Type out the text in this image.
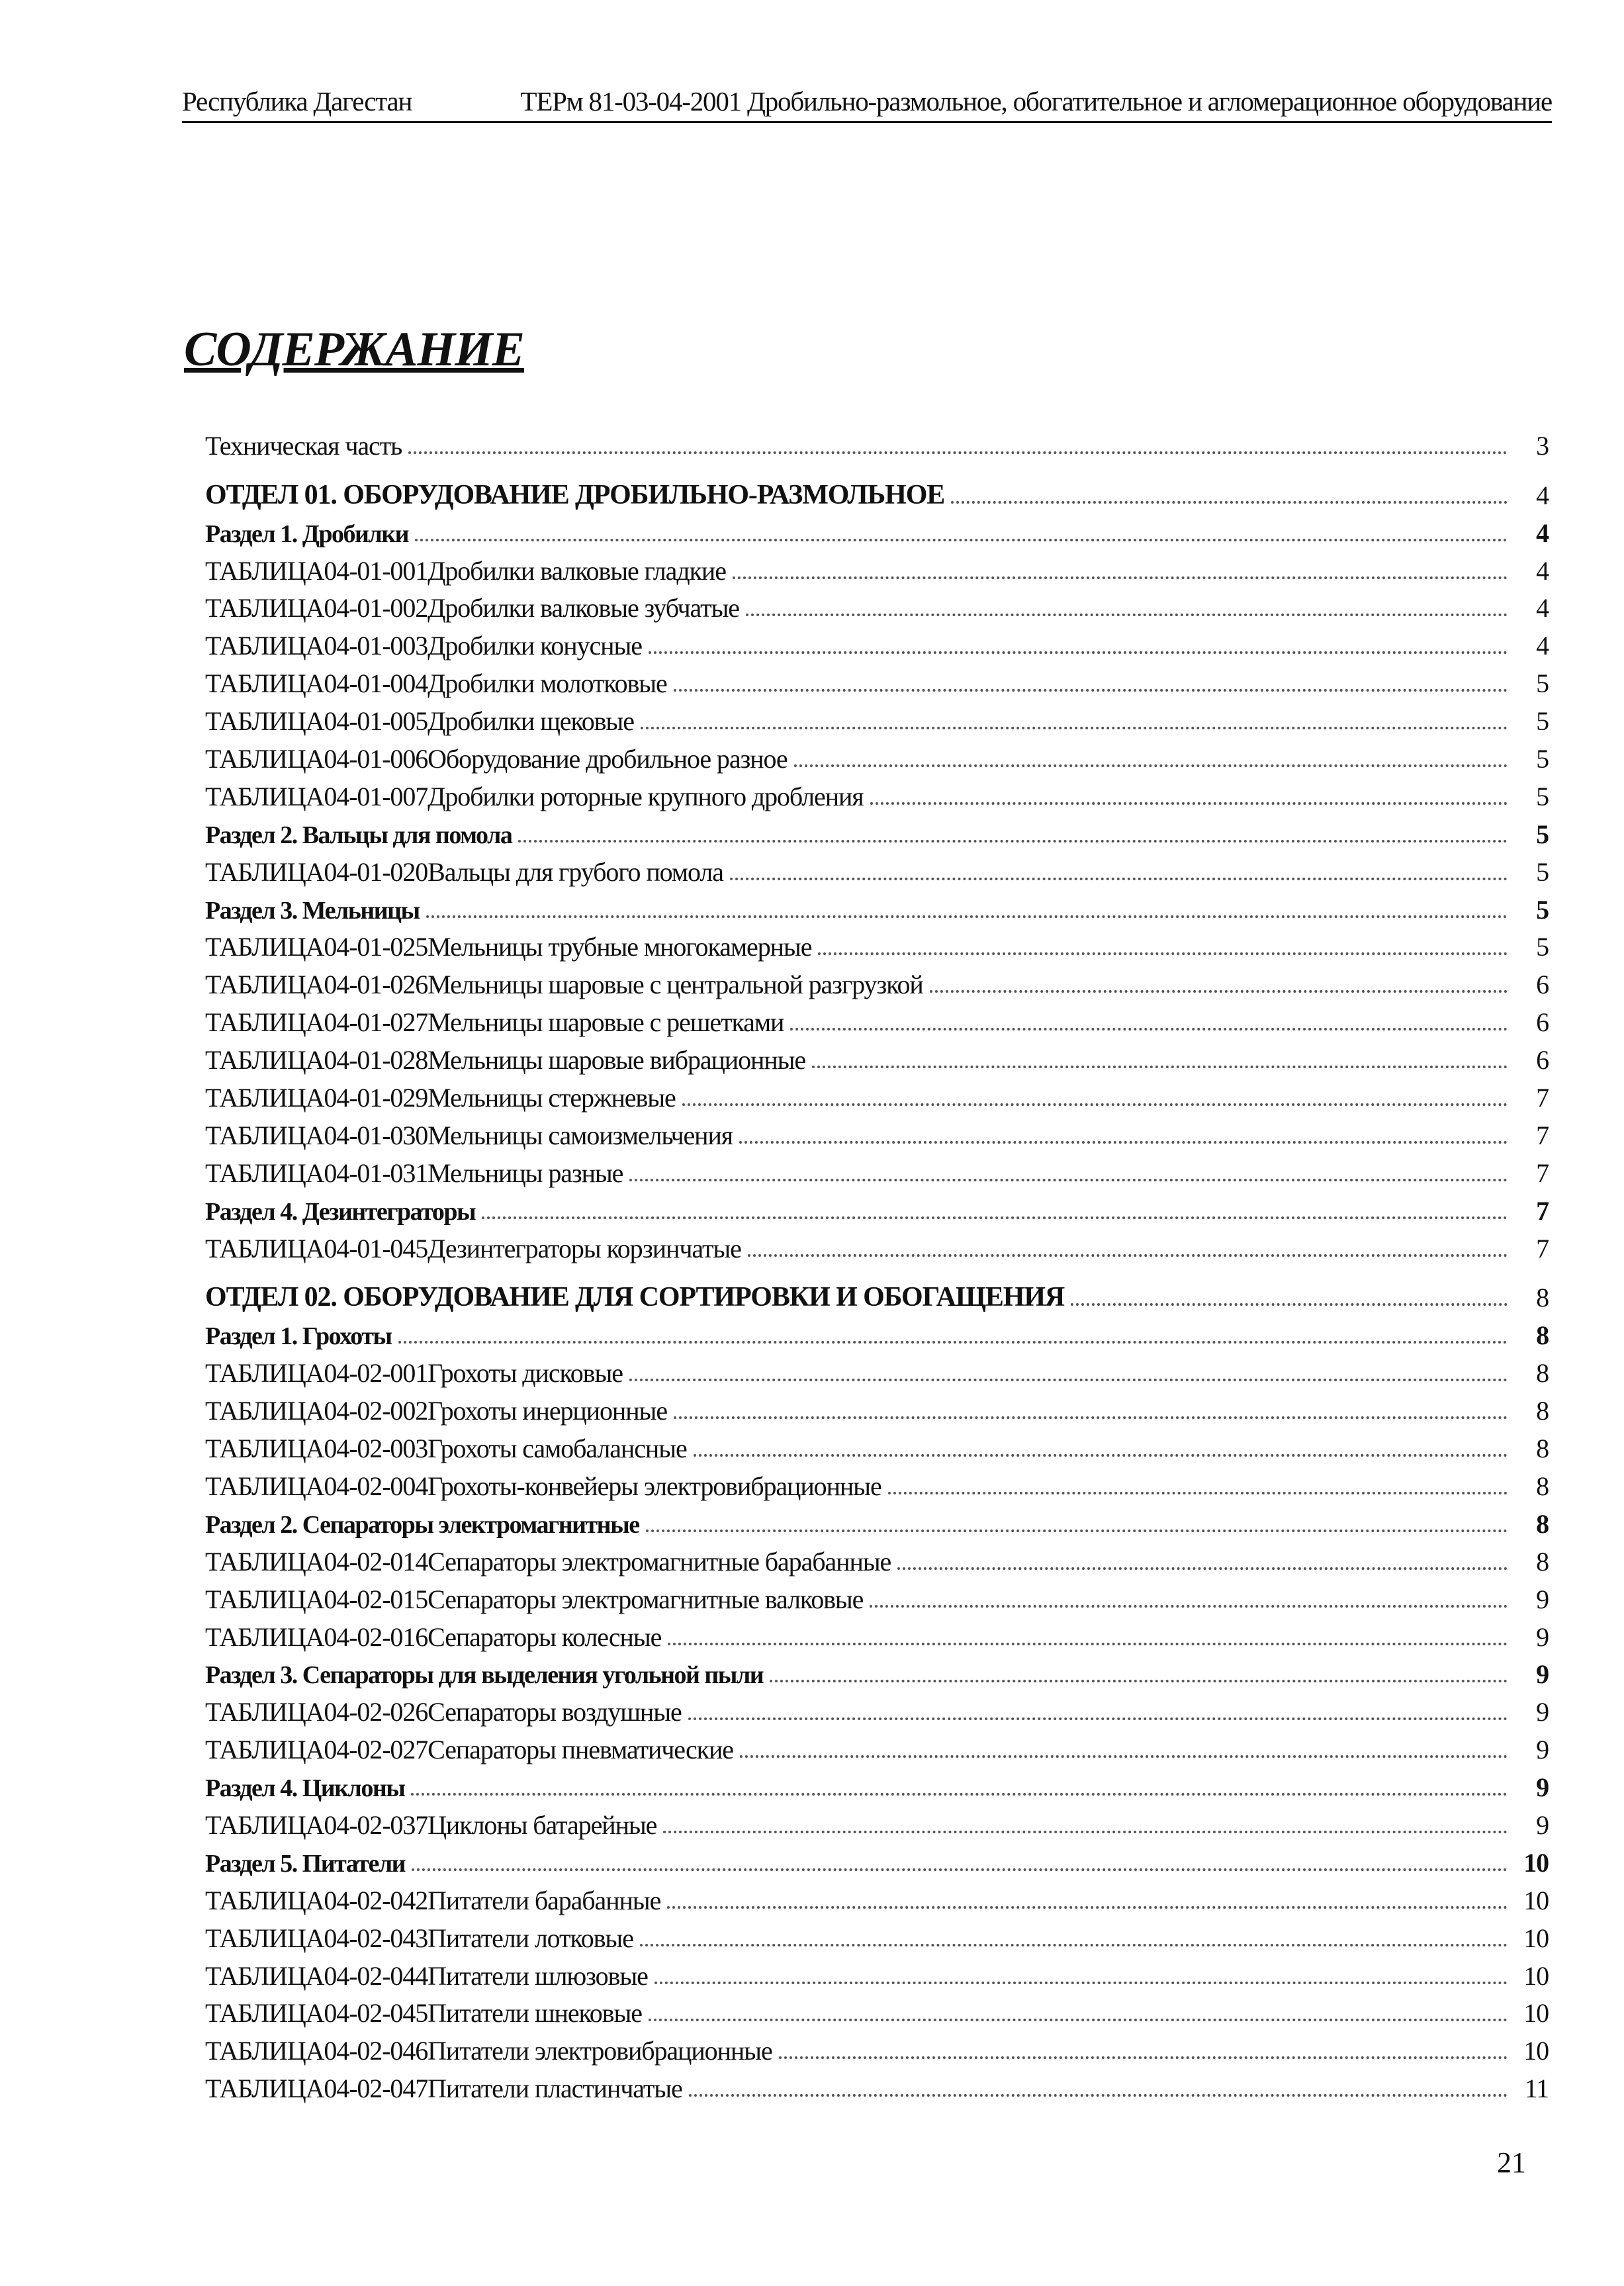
Республика Дагестан	ТЕРм 81-03-04-2001 Дробильно-размольное, обогатительное и агломерационное оборудование
СОДЕРЖАНИЕ
Техническая часть	3
ОТДЕЛ 01. ОБОРУДОВАНИЕ ДРОБИЛЬНО-РАЗМОЛЬНОЕ	4
Раздел 1. Дробилки	4
ТАБЛИЦА04-01-001Дробилки валковые гладкие	4
ТАБЛИЦА04-01-002Дробилки валковые зубчатые	4
ТАБЛИЦА04-01-003Дробилки конусные	4
ТАБЛИЦА04-01-004Дробилки молотковые	5
ТАБЛИЦА04-01-005Дробилки щековые	5
ТАБЛИЦА04-01-006Оборудование дробильное разное	5
ТАБЛИЦА04-01-007Дробилки роторные крупного дробления	5
Раздел 2. Вальцы для помола	5
ТАБЛИЦА04-01-020Вальцы для грубого помола	5
Раздел 3. Мельницы	5
ТАБЛИЦА04-01-025Мельницы трубные многокамерные	5
ТАБЛИЦА04-01-026Мельницы шаровые с центральной разгрузкой	6
ТАБЛИЦА04-01-027Мельницы шаровые с решетками	6
ТАБЛИЦА04-01-028Мельницы шаровые вибрационные	6
ТАБЛИЦА04-01-029Мельницы стержневые	7
ТАБЛИЦА04-01-030Мельницы самоизмельчения	7
ТАБЛИЦА04-01-031Мельницы разные	7
Раздел 4. Дезинтеграторы	7
ТАБЛИЦА04-01-045Дезинтеграторы корзинчатые	7
ОТДЕЛ 02. ОБОРУДОВАНИЕ ДЛЯ СОРТИРОВКИ И ОБОГАЩЕНИЯ	8
Раздел 1. Грохоты	8
ТАБЛИЦА04-02-001Грохоты дисковые	8
ТАБЛИЦА04-02-002Грохоты инерционные	8
ТАБЛИЦА04-02-003Грохоты самобалансные	8
ТАБЛИЦА04-02-004Грохоты-конвейеры электровибрационные	8
Раздел 2. Сепараторы электромагнитные	8
ТАБЛИЦА04-02-014Сепараторы электромагнитные барабанные	8
ТАБЛИЦА04-02-015Сепараторы электромагнитные валковые	9
ТАБЛИЦА04-02-016Сепараторы колесные	9
Раздел 3. Сепараторы для выделения угольной пыли	9
ТАБЛИЦА04-02-026Сепараторы воздушные	9
ТАБЛИЦА04-02-027Сепараторы пневматические	9
Раздел 4. Циклоны	9
ТАБЛИЦА04-02-037Циклоны батарейные	9
Раздел 5. Питатели	10
ТАБЛИЦА04-02-042Питатели барабанные	10
ТАБЛИЦА04-02-043Питатели лотковые	10
ТАБЛИЦА04-02-044Питатели шлюзовые	10
ТАБЛИЦА04-02-045Питатели шнековые	10
ТАБЛИЦА04-02-046Питатели электровибрационные	10
ТАБЛИЦА04-02-047Питатели пластинчатые	11
21
